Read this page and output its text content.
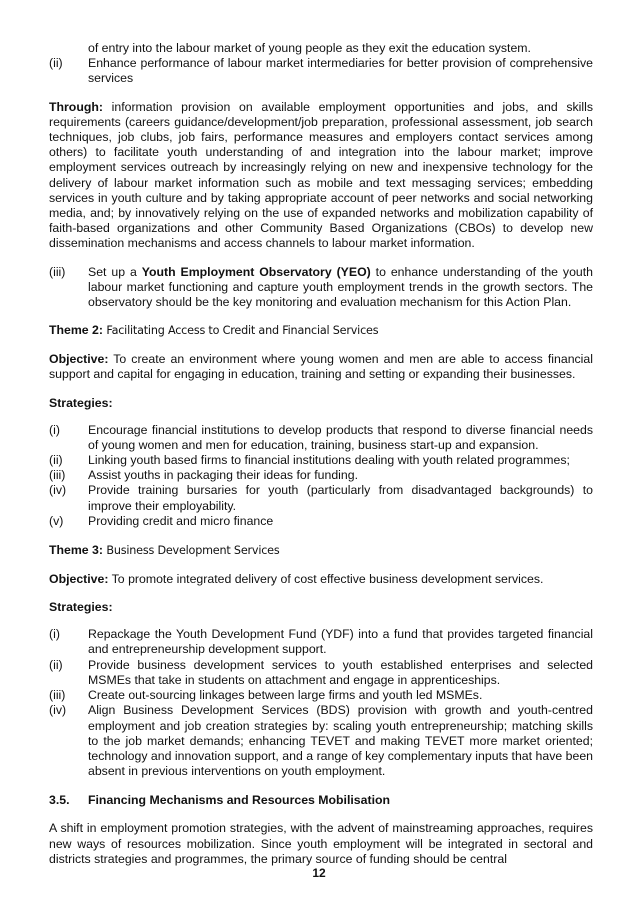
of entry into the labour market of young people as they exit the education system.

(ii)	Enhance performance of labour market intermediaries for better provision of comprehensive services

Through: information provision on available employment opportunities and jobs, and skills requirements (careers guidance/development/job preparation, professional assessment, job search techniques, job clubs, job fairs, performance measures and employers contact services among others) to facilitate youth understanding of and integration into the labour market; improve employment services outreach by increasingly relying on new and inexpensive technology for the delivery of labour market information such as mobile and text messaging services; embedding services in youth culture and by taking appropriate account of peer networks and social networking media, and; by innovatively relying on the use of expanded networks and mobilization capability of faith-based organizations and other Community Based Organizations (CBOs) to develop new dissemination mechanisms and access channels to labour market information.

(iii)	Set up a Youth Employment Observatory (YEO) to enhance understanding of the youth labour market functioning and capture youth employment trends in the growth sectors. The observatory should be the key monitoring and evaluation mechanism for this Action Plan.

Theme 2: Facilitating Access to Credit and Financial Services

Objective: To create an environment where young women and men are able to access financial support and capital for engaging in education, training and setting or expanding their businesses.

Strategies:

(i)	Encourage financial institutions to develop products that respond to diverse financial needs of young women and men for education, training, business start-up and expansion.
(ii)	Linking youth based firms to financial institutions dealing with youth related programmes;
(iii)	Assist youths in packaging their ideas for funding.
(iv)	Provide training bursaries for youth (particularly from disadvantaged backgrounds) to improve their employability.
(v)	Providing credit and micro finance

Theme 3: Business Development Services

Objective: To promote integrated delivery of cost effective business development services.

Strategies:

(i)	Repackage the Youth Development Fund (YDF) into a fund that provides targeted financial and entrepreneurship development support.
(ii)	Provide business development services to youth established enterprises and selected MSMEs that take in students on attachment and engage in apprenticeships.
(iii)	Create out-sourcing linkages between large firms and youth led MSMEs.
(iv)	Align Business Development Services (BDS) provision with growth and youth-centred employment and job creation strategies by: scaling youth entrepreneurship; matching skills to the job market demands; enhancing TEVET and making TEVET more market oriented; technology and innovation support, and a range of key complementary inputs that have been absent in previous interventions on youth employment.
3.5.	Financing Mechanisms and Resources Mobilisation

A shift in employment promotion strategies, with the advent of mainstreaming approaches, requires new ways of resources mobilization. Since youth employment will be integrated in sectoral and districts strategies and programmes, the primary source of funding should be central

12
